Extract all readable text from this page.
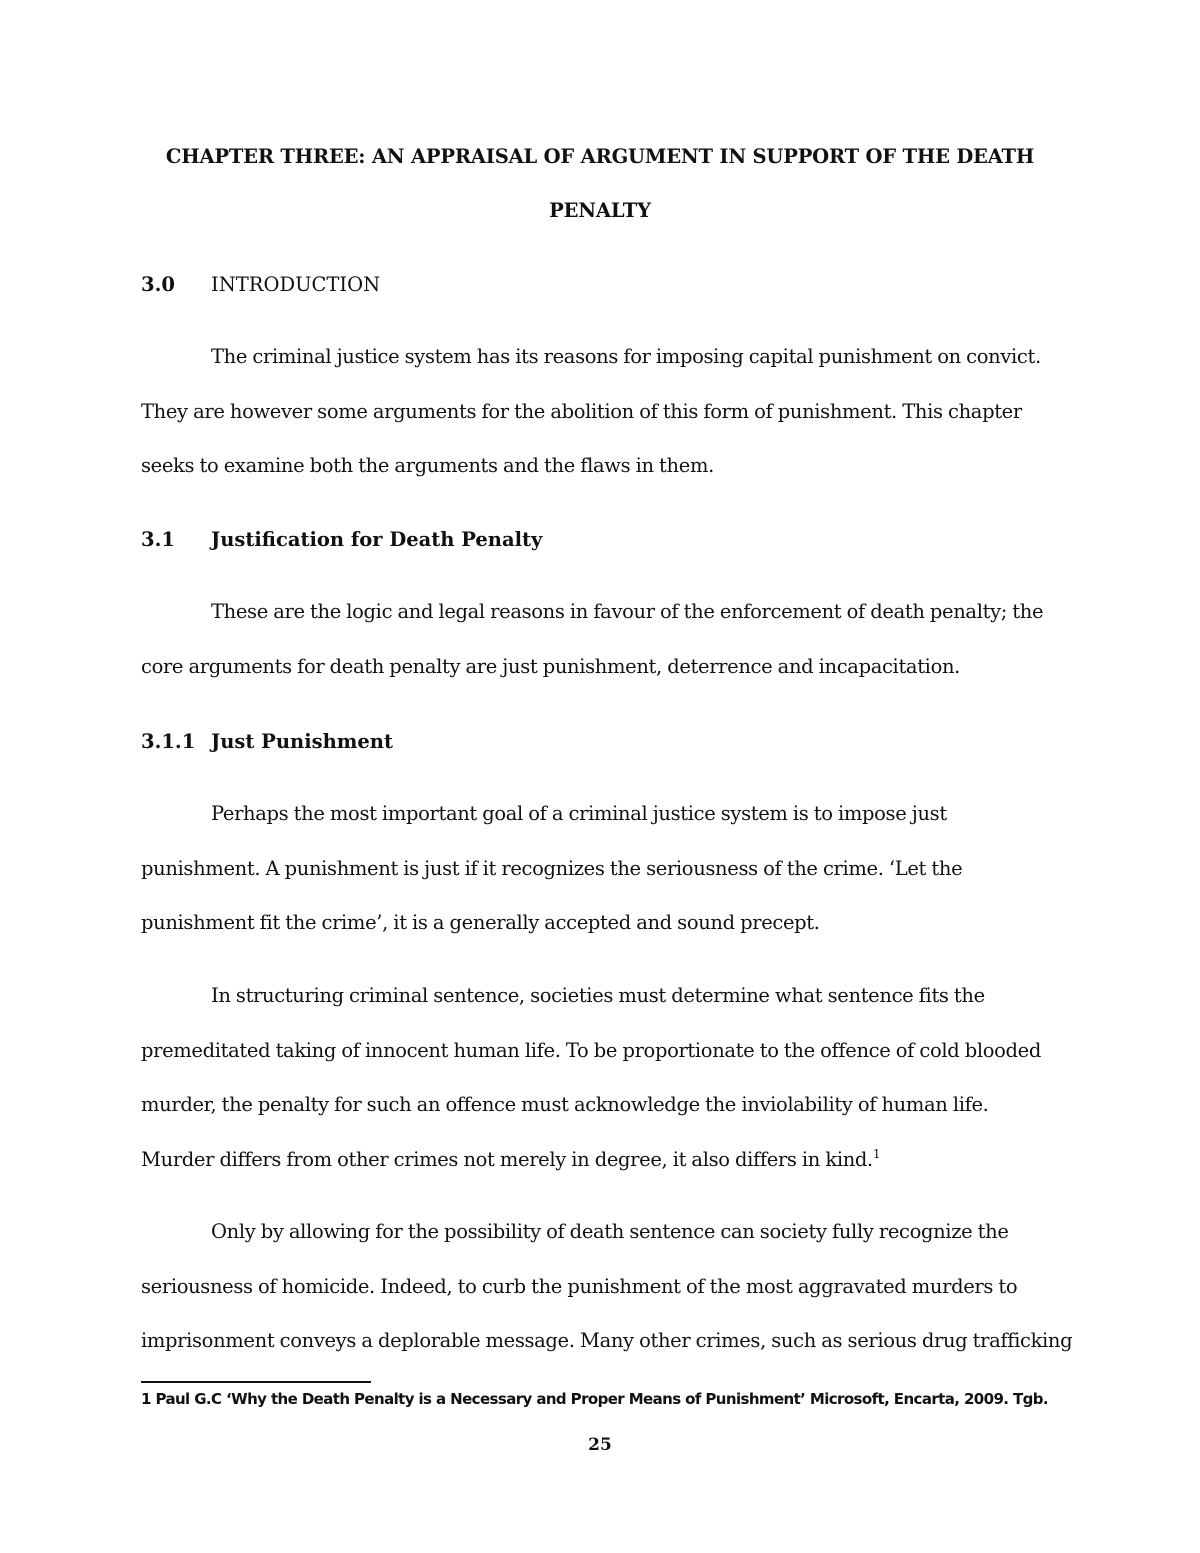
CHAPTER THREE: AN APPRAISAL OF ARGUMENT IN SUPPORT OF THE DEATH
PENALTY
3.0 INTRODUCTION
The criminal justice system has its reasons for imposing capital punishment on convict.
They are however some arguments for the abolition of this form of punishment. This chapter
seeks to examine both the arguments and the flaws in them.
3.1 Justification for Death Penalty
These are the logic and legal reasons in favour of the enforcement of death penalty; the
core arguments for death penalty are just punishment, deterrence and incapacitation.
3.1.1 Just Punishment
Perhaps the most important goal of a criminal justice system is to impose just
punishment. A punishment is just if it recognizes the seriousness of the crime. ‘Let the
punishment fit the crime’, it is a generally accepted and sound precept.
In structuring criminal sentence, societies must determine what sentence fits the
premeditated taking of innocent human life. To be proportionate to the offence of cold blooded
murder, the penalty for such an offence must acknowledge the inviolability of human life.
Murder differs from other crimes not merely in degree, it also differs in kind.$^1$
Only by allowing for the possibility of death sentence can society fully recognize the
seriousness of homicide. Indeed, to curb the punishment of the most aggravated murders to
imprisonment conveys a deplorable message. Many other crimes, such as serious drug trafficking
1 Paul G.C ‘Why the Death Penalty is a Necessary and Proper Means of Punishment’ Microsoft, Encarta, 2009. Tgb.
25
